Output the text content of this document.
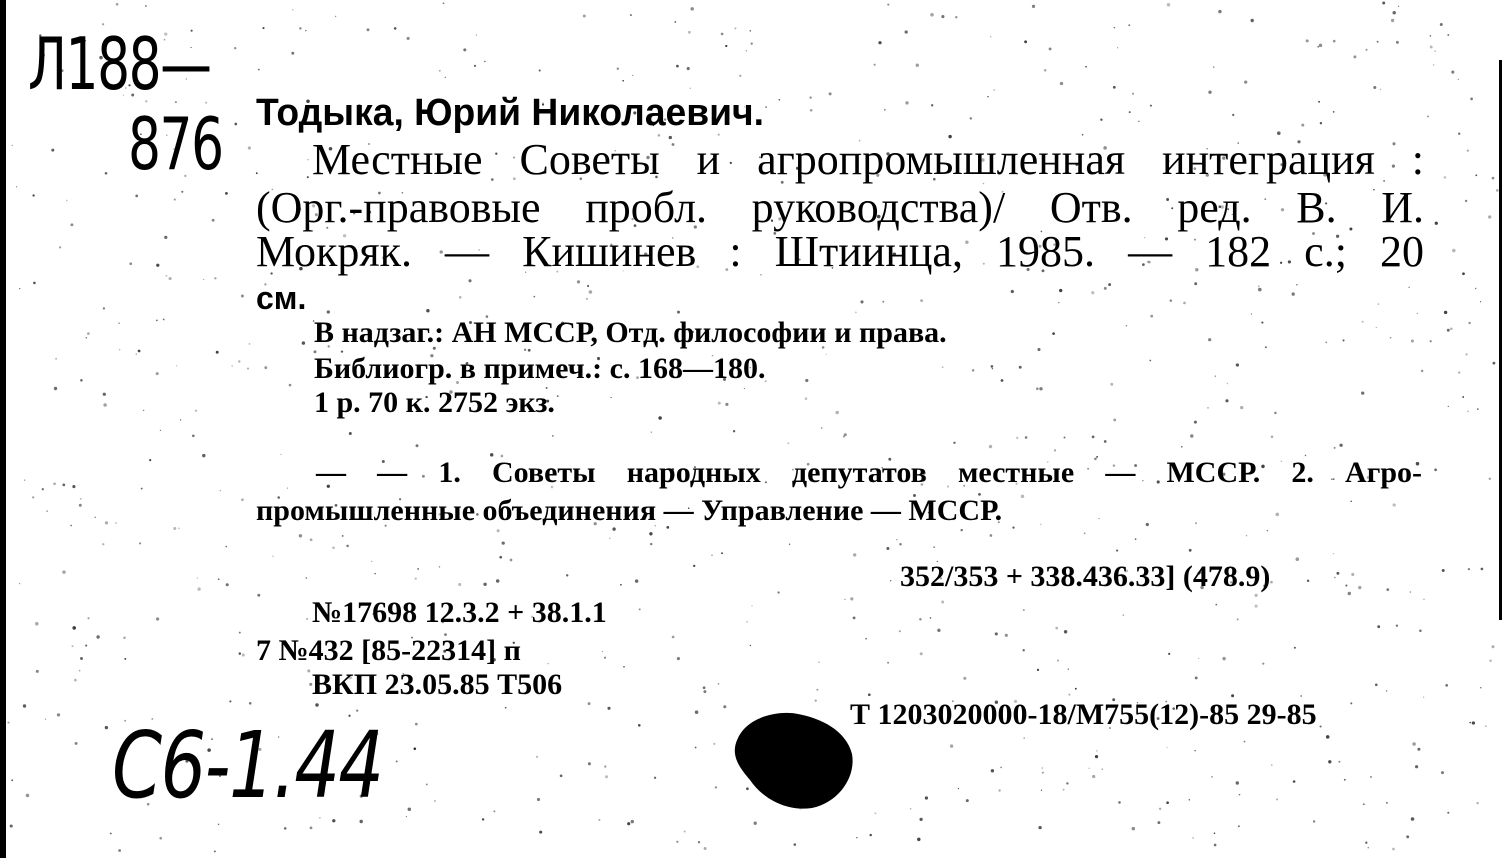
Л188—
876 Тодыка, Юрий Николаевич.
Местные Советы и агропромышленная интеграция :
(Орг.-правовые пробл. руководства)/ Отв. ред. В. И.
Мокряк. — Кишинев : Штиинца, 1985. — 182 с.; 20
см.
В надзаг.: АН МССР, Отд. философии и права.
Библиогр. в примеч.: с. 168—180.
1 р. 70 к. 2752 экз.
— — 1. Советы народных депутатов местные — МССР. 2. Агро-
промышленные объединения — Управление — МССР.
352/353 + 338.436.33] (478.9)
№17698 12.3.2 + 38.1.1
7 №432 [85-22314] п
ВКП 23.05.85 Т506
Т 1203020000-18/М755(12)-85 29-85
С6-1.44
